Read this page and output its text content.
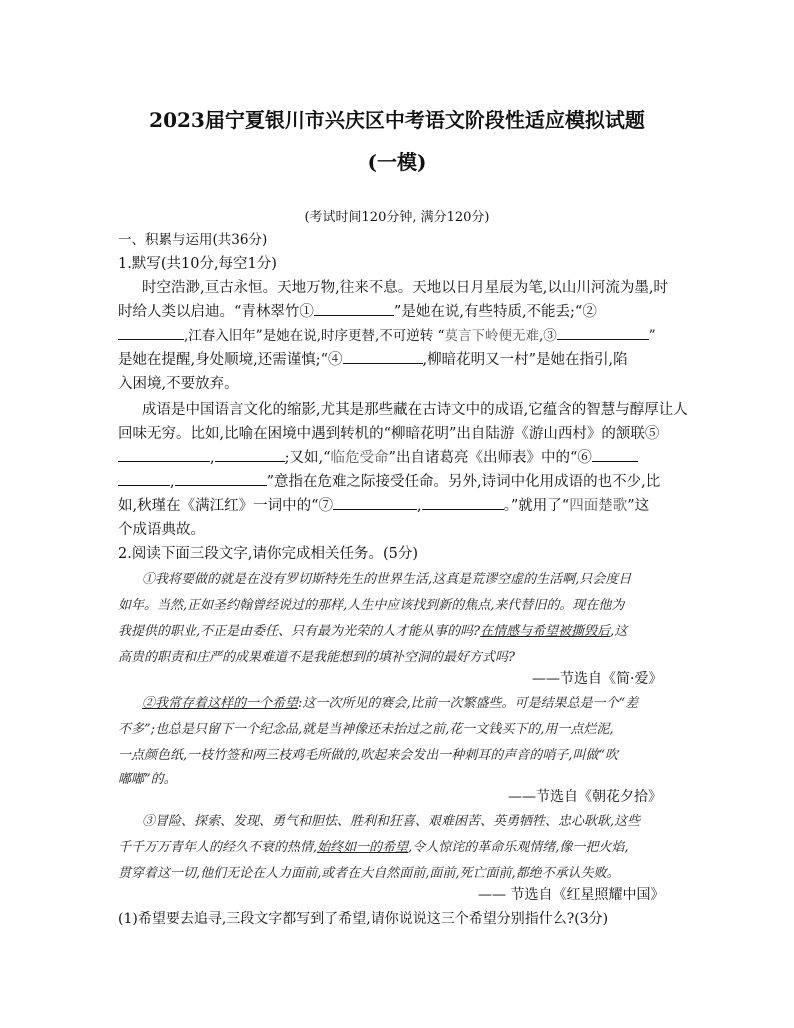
2023届宁夏银川市兴庆区中考语文阶段性适应模拟试题
(一模)
(考试时间120分钟, 满分120分)
一、积累与运用(共36分)
1.默写(共10分,每空1分)
时空浩渺,亘古永恒。天地万物,往来不息。天地以日月星辰为笔,以山川河流为墨,时
时给人类以启迪。“青林翠竹①	”是她在说,有些特质,不能丢;“②
,江春入旧年”是她在说,时序更替,不可逆转 “莫言下岭便无难,③	”
是她在提醒,身处顺境,还需谨慎;“④	,柳暗花明又一村”是她在指引,陷
入困境,不要放弃。
成语是中国语言文化的缩影,尤其是那些藏在古诗文中的成语,它蕴含的智慧与醇厚让人
回味无穷。比如,比喻在困境中遇到转机的“柳暗花明”出自陆游《游山西村》的颔联⑤
,	;又如,“临危受命”出自诸葛亮《出师表》中的“⑥
,	”意指在危难之际接受任命。另外,诗词中化用成语的也不少,比
如,秋瑾在《满江红》一词中的“⑦	,	。”就用了“四面楚歌”这
个成语典故。
2.阅读下面三段文字,请你完成相关任务。(5分)
①我将要做的就是在没有罗切斯特先生的世界生活,这真是荒谬空虚的生活啊,只会度日
如年。当然,正如圣约翰曾经说过的那样,人生中应该找到新的焦点,来代替旧的。现在他为
我提供的职业,不正是由委任、只有最为光荣的人才能从事的吗?在情感与希望被撕毁后,这
高贵的职责和庄严的成果难道不是我能想到的填补空洞的最好方式吗?
——节选自《简·爱》
②我常存着这样的一个希望:这一次所见的赛会,比前一次繁盛些。可是结果总是一个“差
不多”;也总是只留下一个纪念品,就是当神像还未抬过之前,花一文钱买下的,用一点烂泥,
一点颜色纸,一枝竹签和两三枝鸡毛所做的,吹起来会发出一种刺耳的声音的哨子,叫做“吹
嘟嘟”的。
——节选自《朝花夕拾》
③冒险、探索、发现、勇气和胆怯、胜利和狂喜、艰难困苦、英勇牺牲、忠心耿耿,这些
千千万万青年人的经久不衰的热情,始终如一的希望,令人惊诧的革命乐观情绪,像一把火焰,
贯穿着这一切,他们无论在人力面前,或者在大自然面前,面前,死亡面前,都绝不承认失败。
—— 节选自《红星照耀中国》
(1)希望要去追寻,三段文字都写到了希望,请你说说这三个希望分别指什么?(3分)
